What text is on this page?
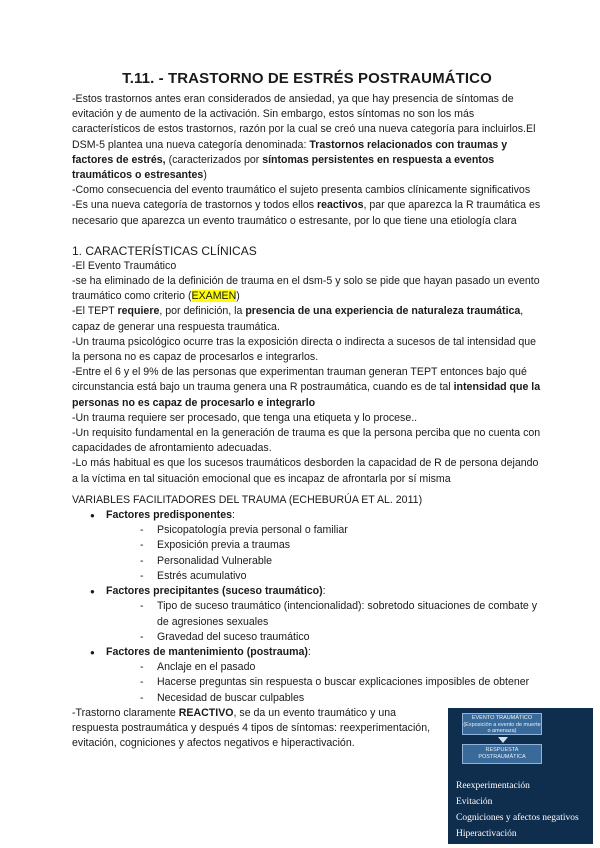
T.11. - TRASTORNO DE ESTRÉS POSTRAUMÁTICO

-Estos trastornos antes eran considerados de ansiedad, ya que hay presencia de síntomas de evitación y de aumento de la activación. Sin embargo, estos síntomas no son los más característicos de estos trastornos, razón por la cual se creó una nueva categoría para incluirlos.El DSM-5 plantea una nueva categoría denominada: Trastornos relacionados con traumas y factores de estrés, (caracterizados por síntomas persistentes en respuesta a eventos traumáticos o estresantes)

-Como consecuencia del evento traumático el sujeto presenta cambios clínicamente significativos

-Es una nueva categoría de trastornos y todos ellos reactivos, par que aparezca la R traumática es necesario que aparezca un evento traumático o estresante, por lo que tiene una etiología clara

1. CARACTERÍSTICAS CLÍNICAS

-El Evento Traumático

-se ha eliminado de la definición de trauma en el dsm-5 y solo se pide que hayan pasado un evento traumático como criterio (EXAMEN)

-El TEPT requiere, por definición, la presencia de una experiencia de naturaleza traumática, capaz de generar una respuesta traumática.

-Un trauma psicológico ocurre tras la exposición directa o indirecta a sucesos de tal intensidad que la persona no es capaz de procesarlos e integrarlos.

-Entre el 6 y el 9% de las personas que experimentan trauman generan TEPT entonces bajo qué circunstancia está bajo un trauma genera una R postraumática, cuando es de tal intensidad que la personas no es capaz de procesarlo e integrarlo

-Un trauma requiere ser procesado, que tenga una etiqueta y lo procese..

-Un requisito fundamental en la generación de trauma es que la persona perciba que no cuenta con capacidades de afrontamiento adecuadas.

-Lo más habitual es que los sucesos traumáticos desborden la capacidad de R de persona dejando a la víctima en tal situación emocional que es incapaz de afrontarla por sí misma

VARIABLES FACILITADORES DEL TRAUMA (ECHEBURÚA ET AL. 2011)

● Factores predisponentes:
- Psicopatología previa personal o familiar
- Exposición previa a traumas
- Personalidad Vulnerable
- Estrés acumulativo
● Factores precipitantes (suceso traumático):
- Tipo de suceso traumático (intencionalidad): sobretodo situaciones de combate y de agresiones sexuales
- Gravedad del suceso traumático
● Factores de mantenimiento (postrauma):
- Anclaje en el pasado
- Hacerse preguntas sin respuesta o buscar explicaciones imposibles de obtener
- Necesidad de buscar culpables

-Trastorno claramente REACTIVO, se da un evento traumático y una respuesta postraumática y después 4 tipos de síntomas: reexperimentación, evitación, cogniciones y afectos negativos e hiperactivación.

EVENTO TRAUMÁTICO (Exposición a evento de muerte o amenaza)
RESPUESTA POSTRAUMÁTICA
Reexperimentación
Evitación
Cogniciones y afectos negativos
Hiperactivación
